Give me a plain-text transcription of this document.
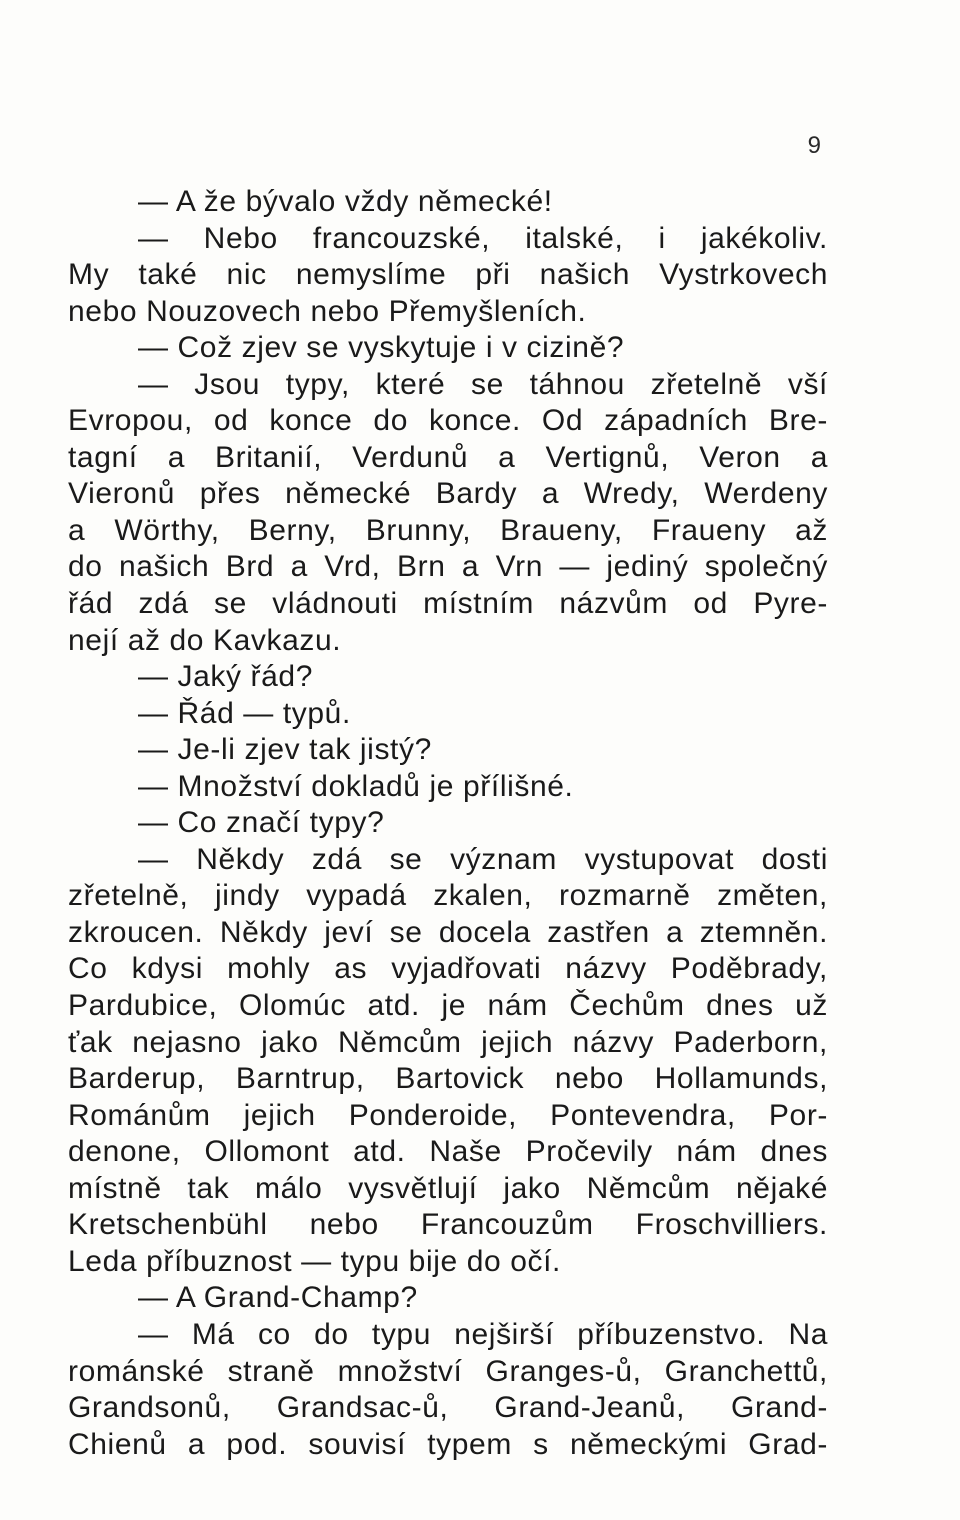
9
— A že bývalo vždy německé!
— Nebo francouzské, italské, i jakékoliv.
My také nic nemyslíme při našich Vystrkovech
nebo Nouzovech nebo Přemyšleních.
— Což zjev se vyskytuje i v cizině?
— Jsou typy, které se táhnou zřetelně vší
Evropou, od konce do konce. Od západních Bre-
tagní a Britanií, Verdunů a Vertignů, Veron a
Vieronů přes německé Bardy a Wredy, Werdeny
a Wörthy, Berny, Brunny, Braueny, Fraueny až
do našich Brd a Vrd, Brn a Vrn — jediný společný
řád zdá se vládnouti místním názvům od Pyre-
nejí až do Kavkazu.
— Jaký řád?
— Řád — typů.
— Je-li zjev tak jistý?
— Množství dokladů je přílišné.
— Co značí typy?
— Někdy zdá se význam vystupovat dosti
zřetelně, jindy vypadá zkalen, rozmarně změten,
zkroucen. Někdy jeví se docela zastřen a ztemněn.
Co kdysi mohly as vyjadřovati názvy Poděbrady,
Pardubice, Olomúc atd. je nám Čechům dnes už
ťak nejasno jako Němcům jejich názvy Paderborn,
Barderup, Barntrup, Bartovick nebo Hollamunds,
Románům jejich Ponderoide, Pontevendra, Por-
denone, Ollomont atd. Naše Pročevily nám dnes
místně tak málo vysvětlují jako Němcům nějaké
Kretschenbühl nebo Francouzům Froschvilliers.
Leda příbuznost — typu bije do očí.
— A Grand-Champ?
— Má co do typu nejširší příbuzenstvo. Na
románské straně množství Granges-ů, Granchettů,
Grandsonů, Grandsac-ů, Grand-Jeanů, Grand-
Chienů a pod. souvisí typem s německými Grad-
